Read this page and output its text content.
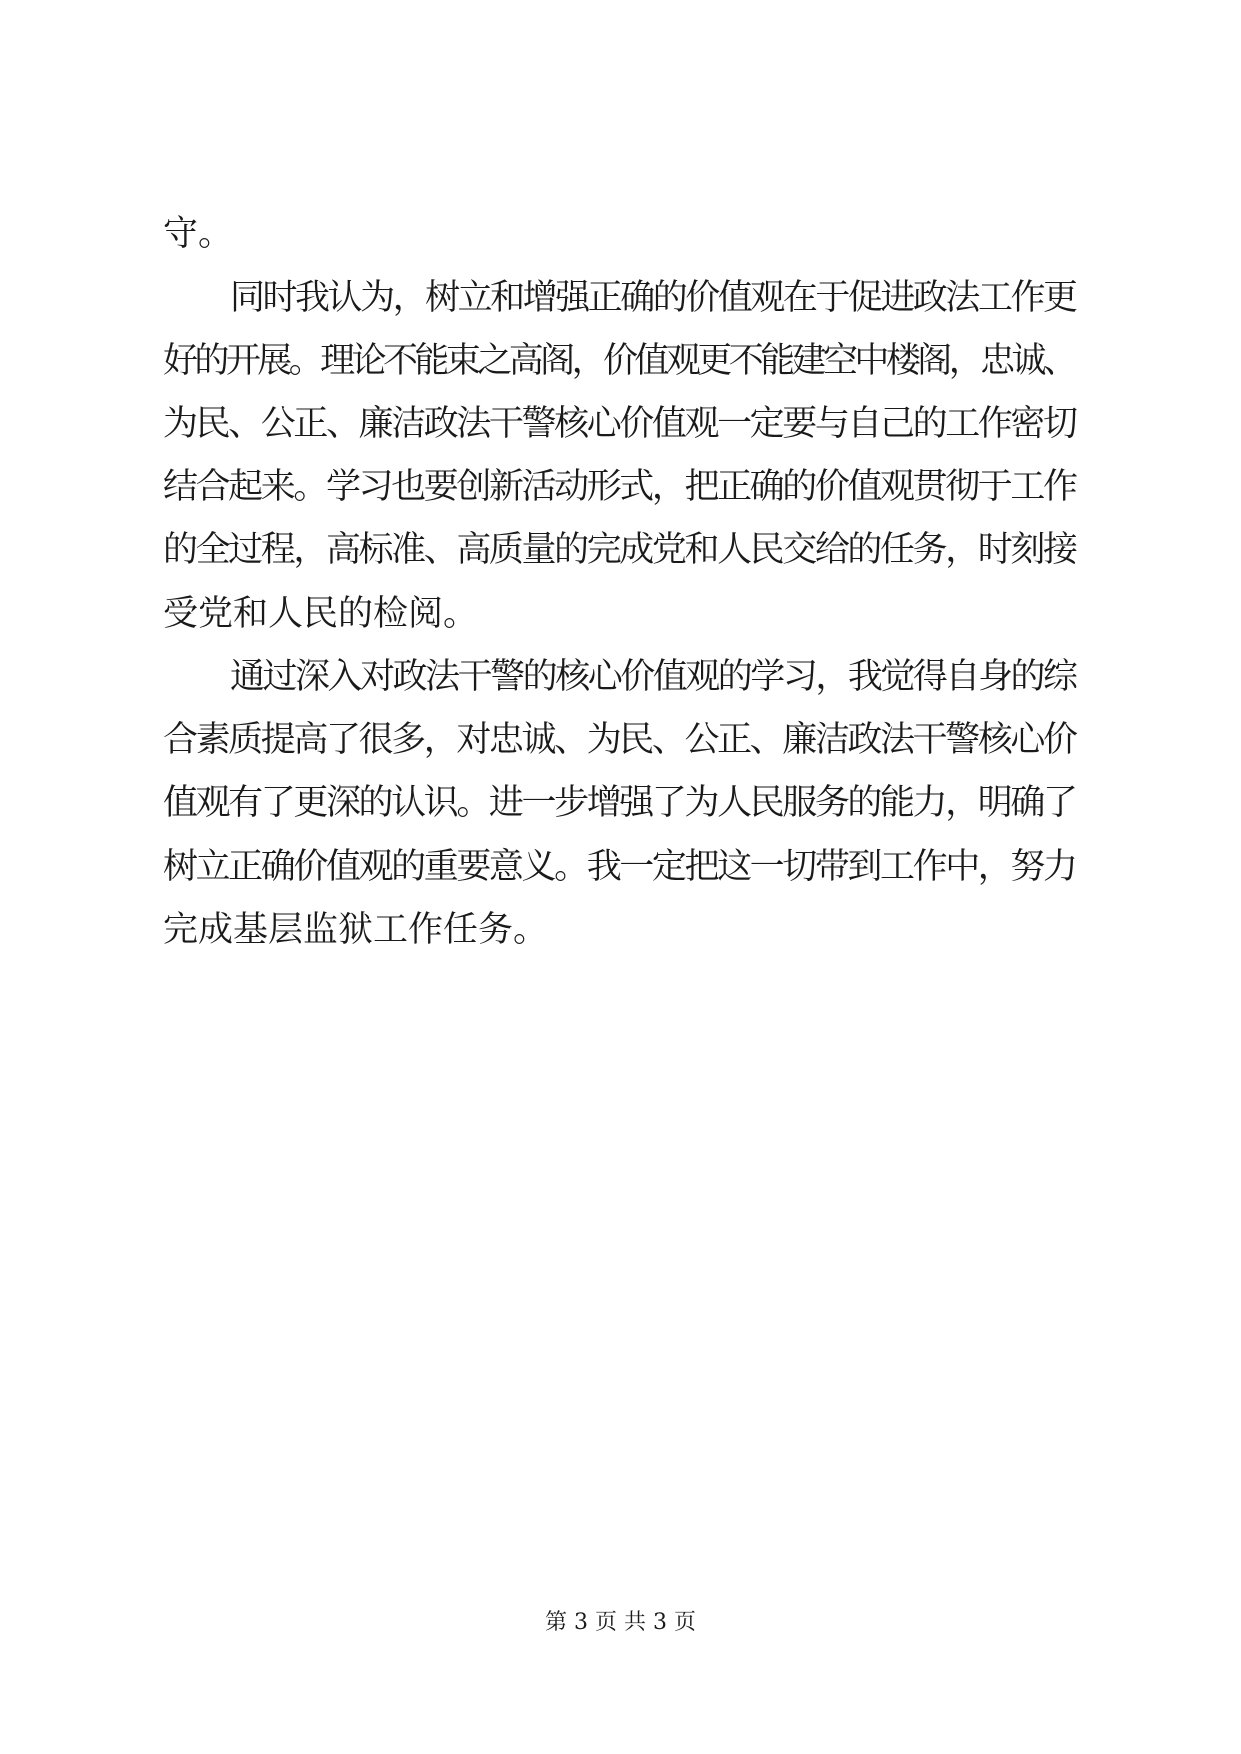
守。
同时我认为，树立和增强正确的价值观在于促进政法工作更
好的开展。理论不能束之高阁，价值观更不能建空中楼阁，忠诚、
为民、公正、廉洁政法干警核心价值观一定要与自己的工作密切
结合起来。学习也要创新活动形式，把正确的价值观贯彻于工作
的全过程，高标准、高质量的完成党和人民交给的任务，时刻接
受党和人民的检阅。
通过深入对政法干警的核心价值观的学习，我觉得自身的综
合素质提高了很多，对忠诚、为民、公正、廉洁政法干警核心价
值观有了更深的认识。进一步增强了为人民服务的能力，明确了
树立正确价值观的重要意义。我一定把这一切带到工作中，努力
完成基层监狱工作任务。
第 3 页 共 3 页
